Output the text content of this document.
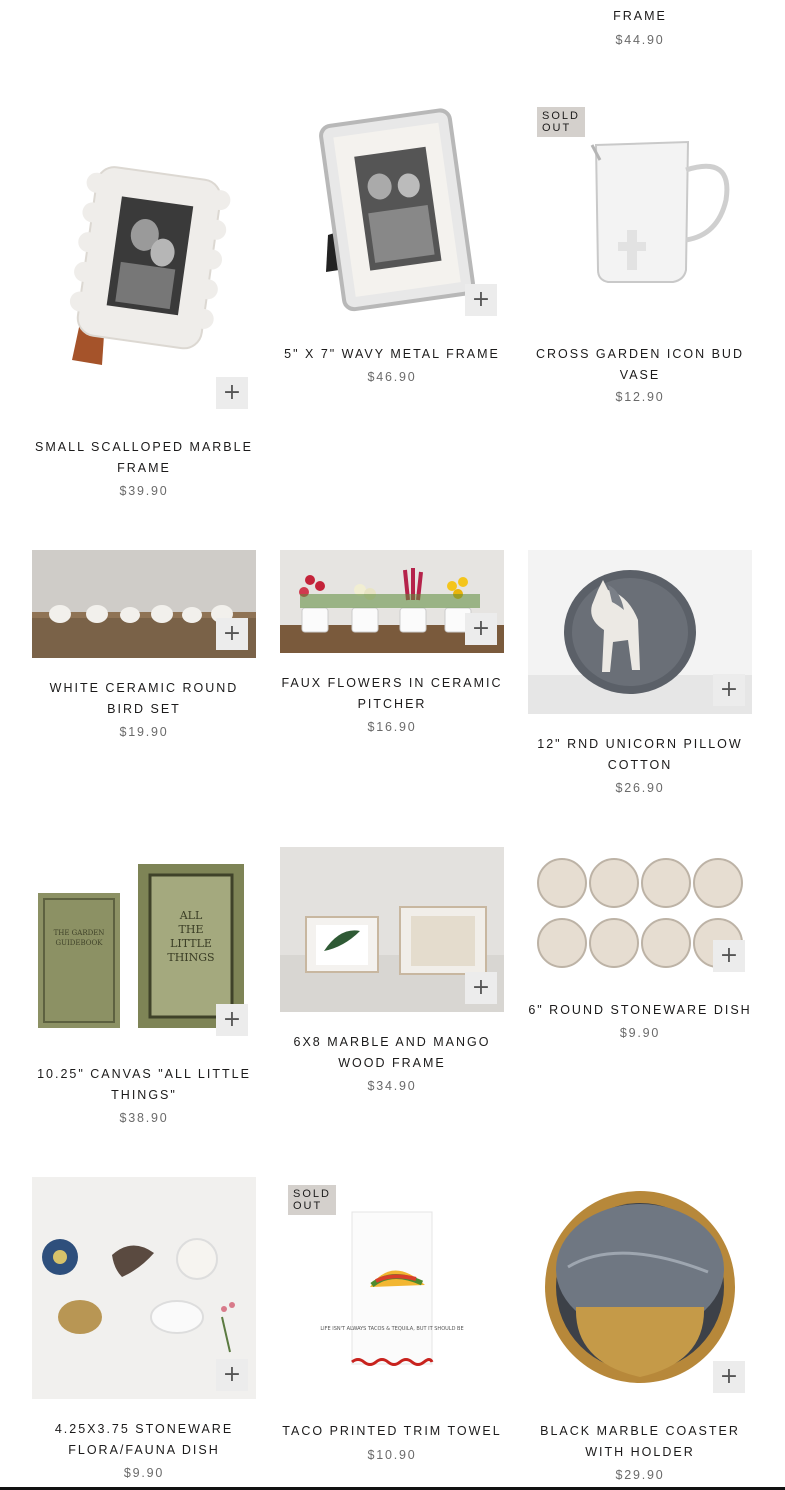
FRAME
$44.90
+
SMALL SCALLOPED MARBLE FRAME
$39.90
+
5" X 7" WAVY METAL FRAME
$46.90
SOLD OUT
CROSS GARDEN ICON BUD VASE
$12.90
+
WHITE CERAMIC ROUND BIRD SET
$19.90
+
FAUX FLOWERS IN CERAMIC PITCHER
$16.90
+
12" RND UNICORN PILLOW COTTON
$26.90
THE GARDEN
GUIDEBOOK
ALL
THE
LITTLE
THINGS
+
10.25" CANVAS "ALL LITTLE THINGS"
$38.90
+
6X8 MARBLE AND MANGO WOOD FRAME
$34.90
+
6" ROUND STONEWARE DISH
$9.90
+
4.25X3.75 STONEWARE FLORA/FAUNA DISH
$9.90
LIFE ISN'T ALWAYS TACOS & TEQUILA, BUT IT SHOULD BE
SOLD OUT
TACO PRINTED TRIM TOWEL
$10.90
+
BLACK MARBLE COASTER WITH HOLDER
$29.90
